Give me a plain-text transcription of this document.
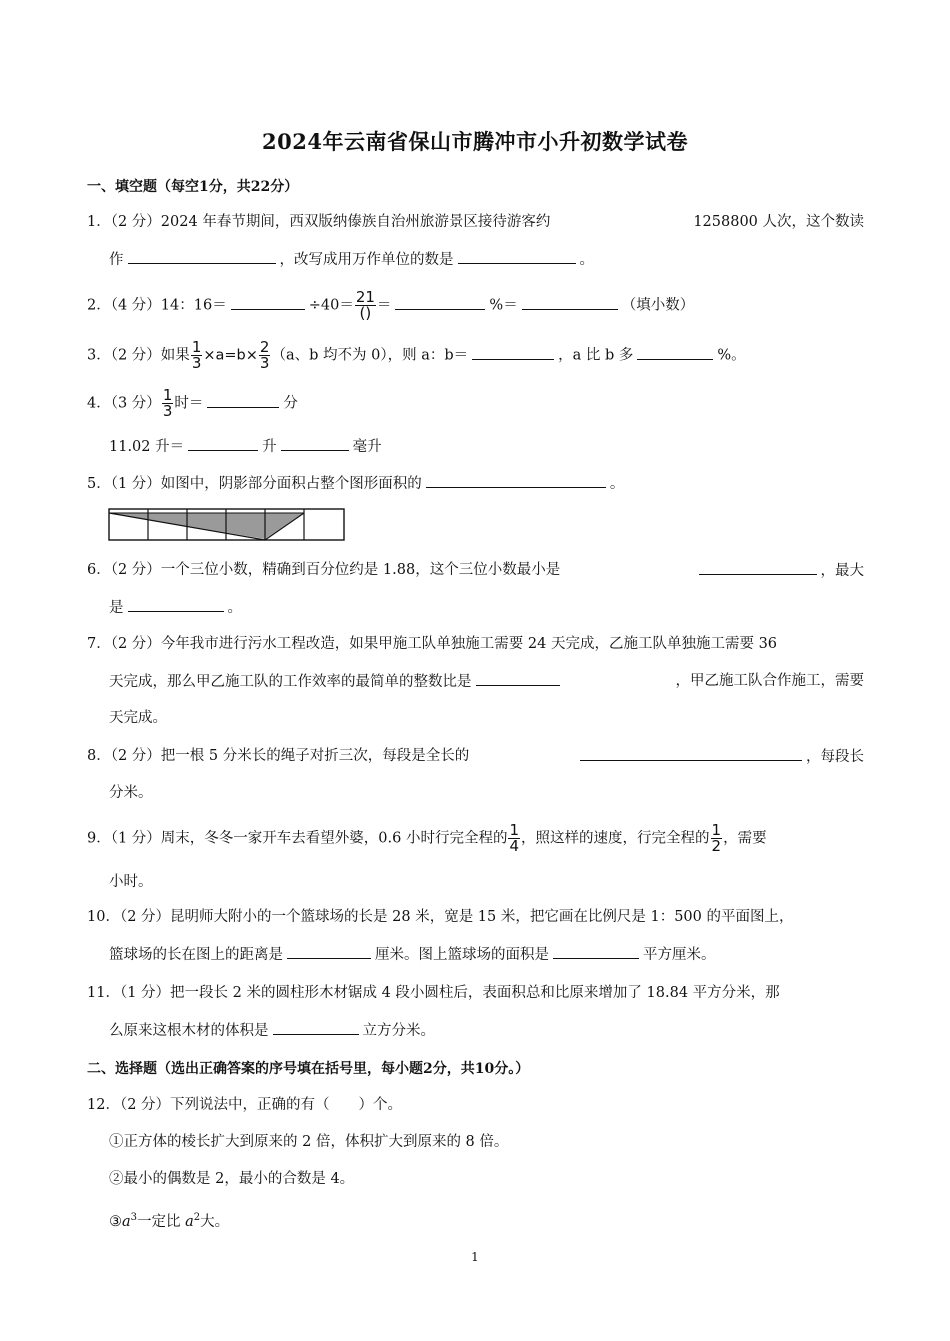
2024年云南省保山市腾冲市小升初数学试卷
一、填空题（每空1分，共22分）
1．（2 分）2024 年春节期间，西双版纳傣族自治州旅游景区接待游客约	1258800 人次，这个数读
作	，改写成用万作单位的数是	。
2．（4 分）14：16＝	$\div 40= \frac{21}{()}$ ＝	%＝	（填小数）
3．（2 分）如果 $\frac{1}{3} \times a=b\times \frac{2}{3} (a$、b 均不为 0），则 a：b＝	，a 比 b 多	%。
4．（3 分） $\frac{1}{3}$ 时＝	分
11.02 升＝	升	毫升
5．（1 分）如图中，阴影部分面积占整个图形面积的	。
6．（2 分）一个三位小数，精确到百分位约是 1.88，这个三位小数最小是	，最大
是	。
7．（2 分）今年我市进行污水工程改造，如果甲施工队单独施工需要 24 天完成，乙施工队单独施工需要 36
天完成，那么甲乙施工队的工作效率的最简单的整数比是	，甲乙施工队合作施工，需要
天完成。
8．（2 分）把一根 5 分米长的绳子对折三次，每段是全长的	，每段长
分米。
9．（1 分）周末，冬冬一家开车去看望外婆，0.6 小时行完全程的 $\frac{1}{4}$ ，照这样的速度，行完全程的 $\frac{1}{2}$ ，需要
小时。
10．（2 分）昆明师大附小的一个篮球场的长是 28 米，宽是 15 米，把它画在比例尺是 1：500 的平面图上，
篮球场的长在图上的距离是	厘米。图上篮球场的面积是	平方厘米。
11．（1 分）把一段长 2 米的圆柱形木材锯成 4 段小圆柱后，表面积总和比原来增加了 18.84 平方分米，那
么原来这根木材的体积是	立方分米。
二、选择题（选出正确答案的序号填在括号里，每小题2分，共10分。）
12．（2 分）下列说法中，正确的有（　　）个。
①正方体的棱长扩大到原来的 2 倍，体积扩大到原来的 8 倍。
②最小的偶数是 2，最小的合数是 4。
$③a^3$一定比 $a^2$大。
1
